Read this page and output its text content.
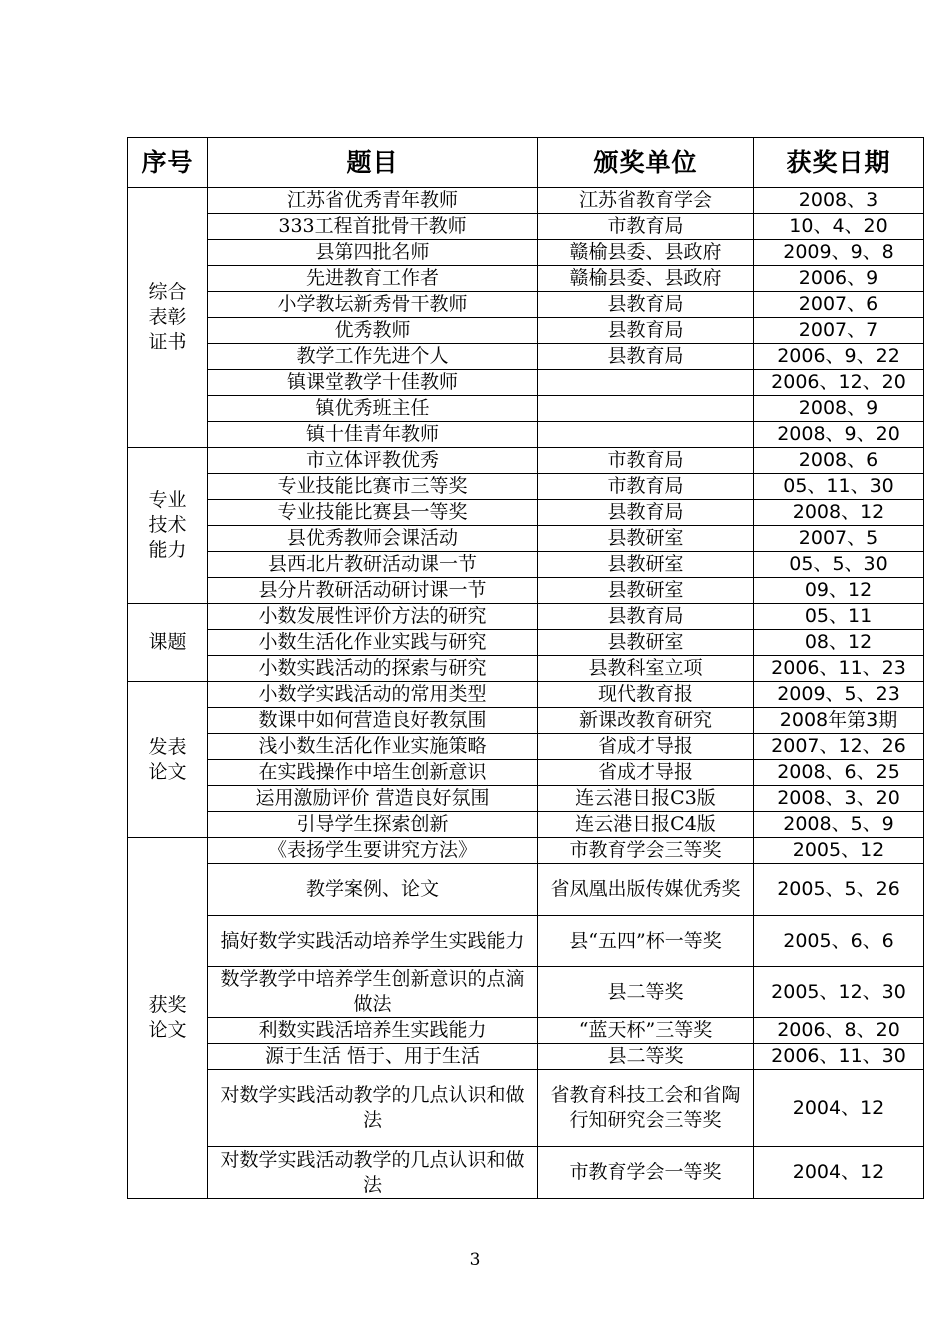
序号	题目	颁奖单位	获奖日期

综合
表彰
证书	江苏省优秀青年教师	江苏省教育学会	2008、3
	333工程首批骨干教师	市教育局	10、4、20
	县第四批名师	赣榆县委、县政府	2009、9、8
	先进教育工作者	赣榆县委、县政府	2006、9
	小学教坛新秀骨干教师	县教育局	2007、6
	优秀教师	县教育局	2007、7
	教学工作先进个人	县教育局	2006、9、22
	镇课堂教学十佳教师		2006、12、20
	镇优秀班主任		2008、9
	镇十佳青年教师		2008、9、20

专业
技术
能力	市立体评教优秀	市教育局	2008、6
	专业技能比赛市三等奖	市教育局	05、11、30
	专业技能比赛县一等奖	县教育局	2008、12
	县优秀教师会课活动	县教研室	2007、5
	县西北片教研活动课一节	县教研室	05、5、30
	县分片教研活动研讨课一节	县教研室	09、12

课题	小数发展性评价方法的研究	县教育局	05、11
	小数生活化作业实践与研究	县教研室	08、12
	小数实践活动的探索与研究	县教科室立项	2006、11、23

发表
论文	小数学实践活动的常用类型	现代教育报	2009、5、23
	数课中如何营造良好教氛围	新课改教育研究	2008年第3期
	浅小数生活化作业实施策略	省成才导报	2007、12、26
	在实践操作中培生创新意识	省成才导报	2008、6、25
	运用激励评价 营造良好氛围	连云港日报C3版	2008、3、20
	引导学生探索创新	连云港日报C4版	2008、5、9

获奖
论文	《表扬学生要讲究方法》	市教育学会三等奖	2005、12
	教学案例、论文	省凤凰出版传媒优秀奖	2005、5、26
	搞好数学实践活动培养学生实践能力	县“五四”杯一等奖	2005、6、6
	数学教学中培养学生创新意识的点滴做法	县二等奖	2005、12、30
	利数实践活培养生实践能力	“蓝天杯”三等奖	2006、8、20
	源于生活 悟于、用于生活	县二等奖	2006、11、30
	对数学实践活动教学的几点认识和做法	省教育科技工会和省陶行知研究会三等奖	2004、12
	对数学实践活动教学的几点认识和做法	市教育学会一等奖	2004、12
3
